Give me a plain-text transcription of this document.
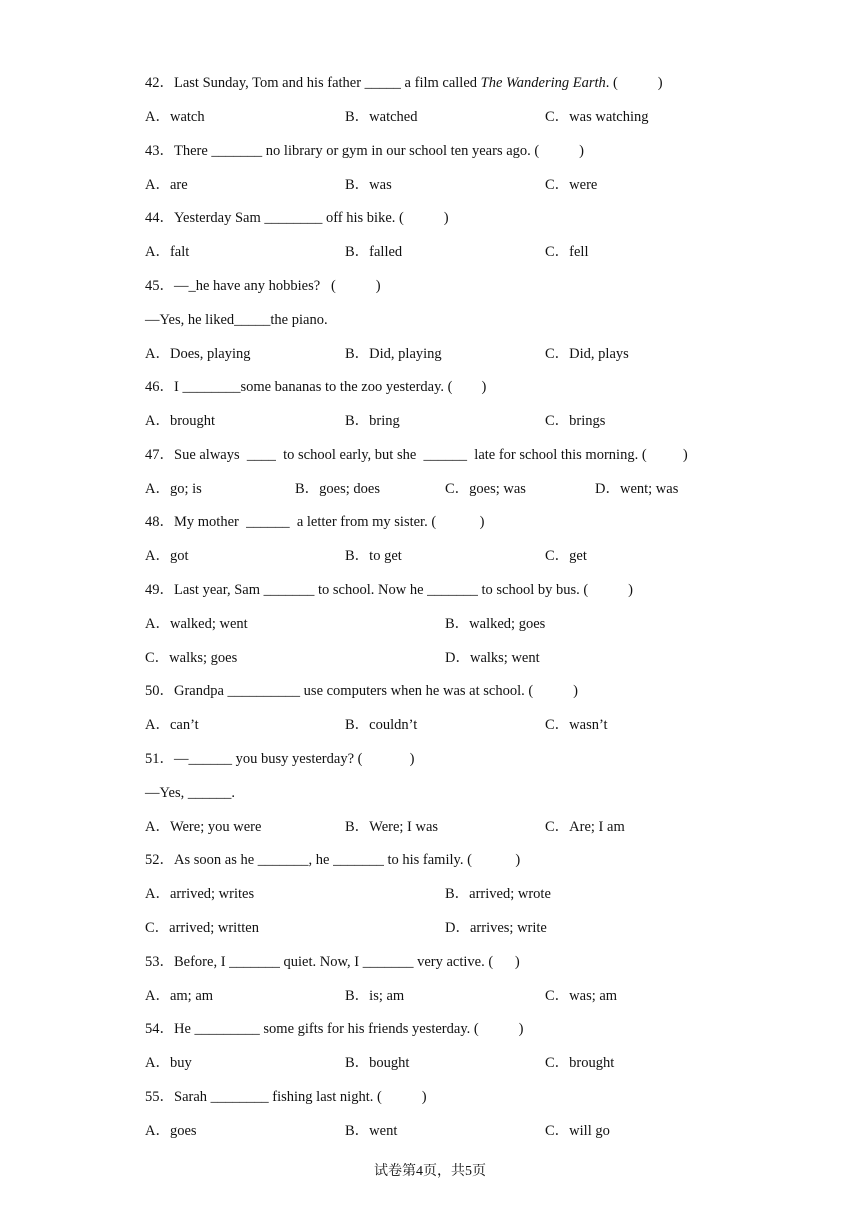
42．Last Sunday, Tom and his father _____ a film called The Wandering Earth. (           )

A．watch

	B．watched

	C．was watching

43．There _______ no library or gym in our school ten years ago. (           )

A．are

	B．was

	C．were

44．Yesterday Sam ________ off his bike. (           )

A．falt

	B．falled

	C．fell

45．—_he have any hobbies?   (           )

—Yes, he liked_____the piano.

A．Does, playing

	B．Did, playing

	C．Did, plays

46．I ________some bananas to the zoo yesterday. (        )

A．brought

	B．bring

	C．brings

47．Sue always  ____  to school early, but she  ______  late for school this morning. (          )

A．go; is

	B．goes; does

	C．goes; was

	D．went; was

48．My mother  ______  a letter from my sister. (            )

A．got

	B．to get

	C．get

49．Last year, Sam _______ to school. Now he _______ to school by bus. (           )

A．walked; went

	B．walked; goes

C．walks; goes

	D．walks; went

50．Grandpa __________ use computers when he was at school. (           )

A．can’t

	B．couldn’t

	C．wasn’t

51．—______ you busy yesterday? (             )

—Yes, ______.

A．Were; you were

	B．Were; I was

	C．Are; I am

52．As soon as he _______, he _______ to his family. (            )

A．arrived; writes

	B．arrived; wrote

C．arrived; written

	D．arrives; write

53．Before, I _______ quiet. Now, I _______ very active. (      )

A．am; am

	B．is; am

	C．was; am

54．He _________ some gifts for his friends yesterday. (           )

A．buy

	B．bought

	C．brought

55．Sarah ________ fishing last night. (           )

A．goes

	B．went

	C．will go

试卷第4页，共5页
